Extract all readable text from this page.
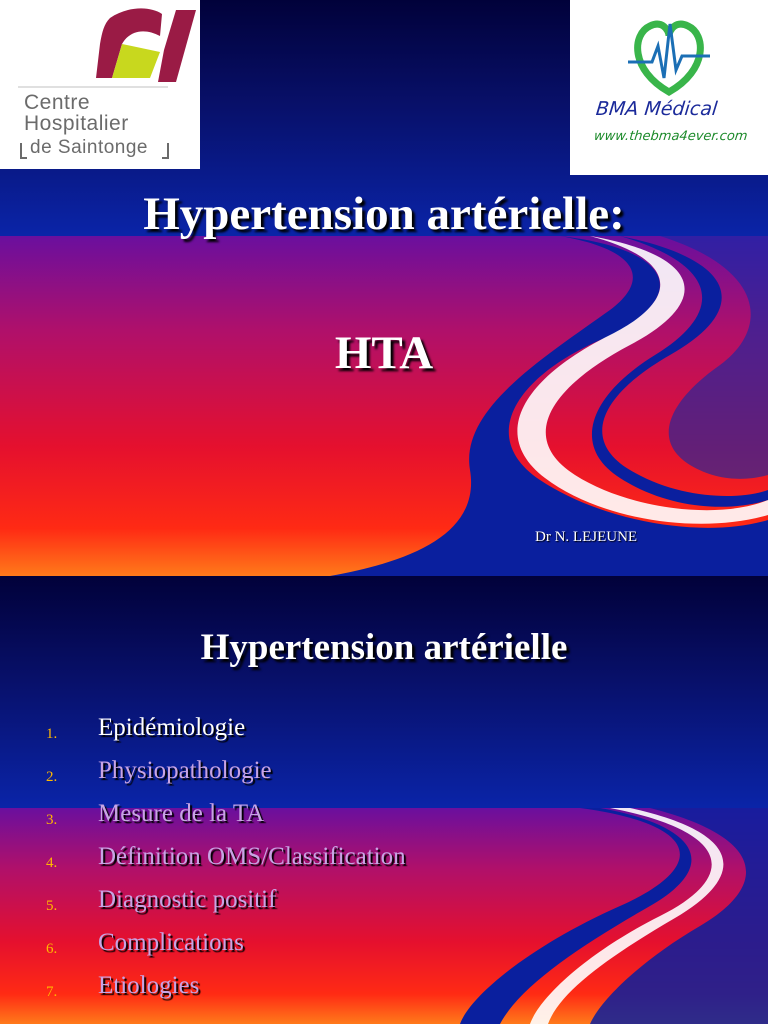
Centre
Hospitalier
de Saintonge
BMA Médical
www.thebma4ever.com
Hypertension artérielle:
HTA
Dr N. LEJEUNE
Hypertension artérielle
1. Epidémiologie
2. Physiopathologie
3. Mesure de la TA
4. Définition OMS/Classification
5. Diagnostic positif
6. Complications
7. Etiologies
